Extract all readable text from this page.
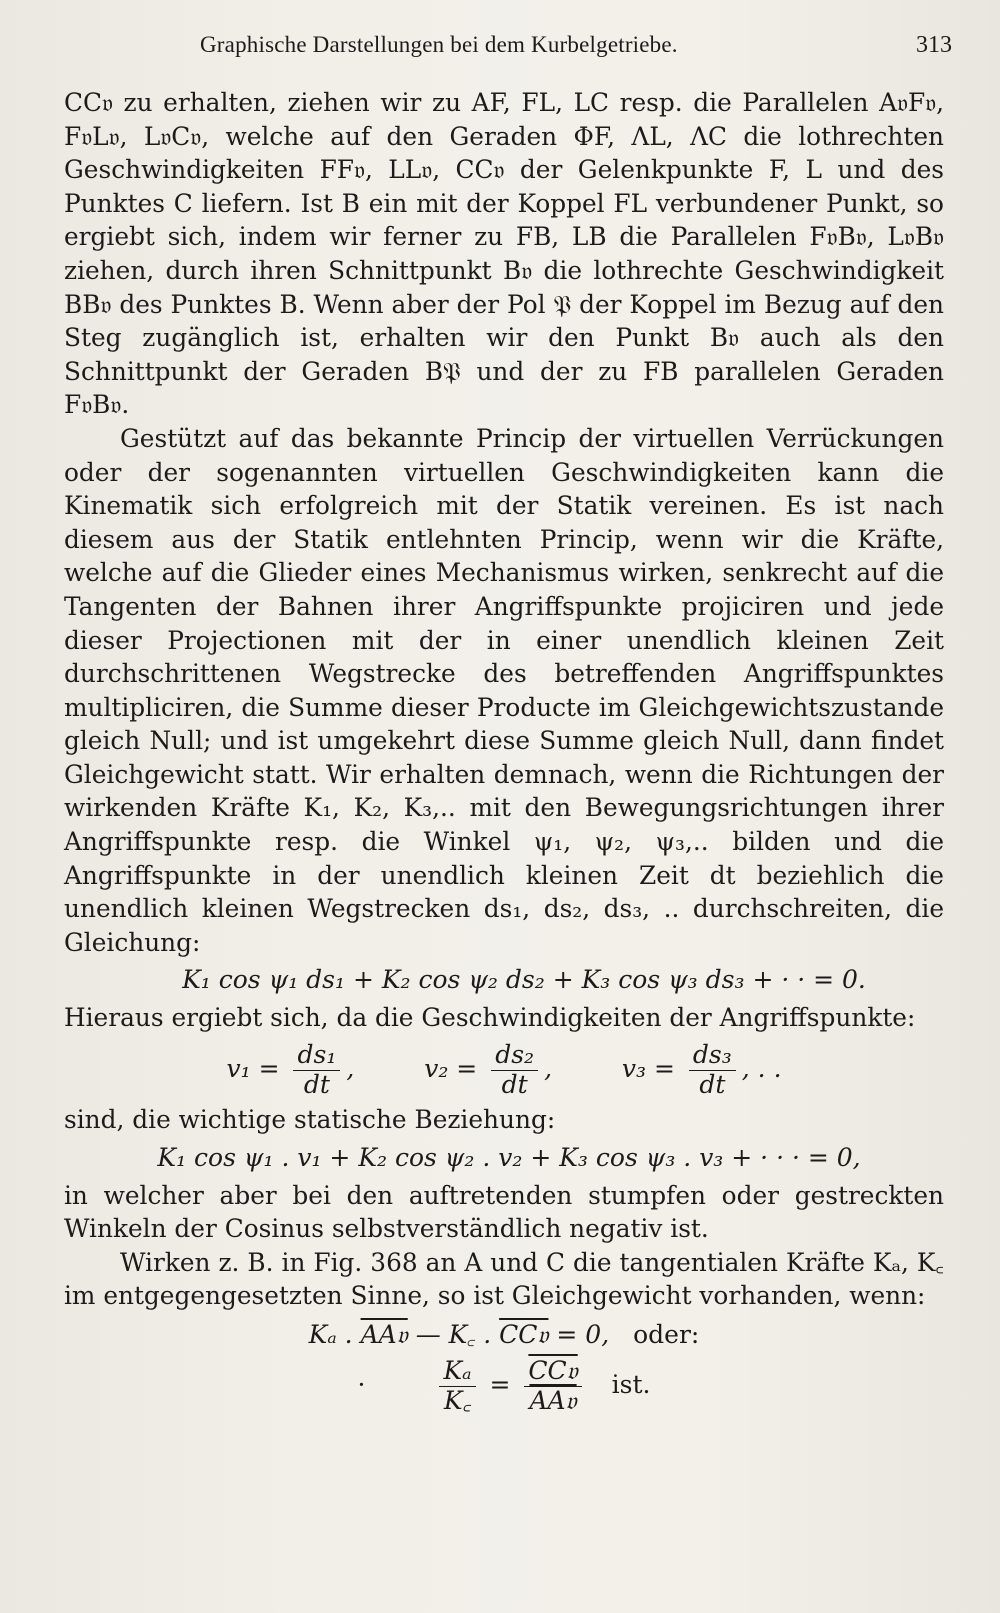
Graphische Darstellungen bei dem Kurbelgetriebe.	313

CC𝔳 zu erhalten, ziehen wir zu AF, FL, LC resp. die Parallelen A𝔳F𝔳, F𝔳L𝔳, L𝔳C𝔳, welche auf den Geraden ΦF, ΛL, ΛC die lothrechten Geschwindigkeiten FF𝔳, LL𝔳, CC𝔳 der Gelenkpunkte F, L und des Punktes C liefern. Ist B ein mit der Koppel FL verbundener Punkt, so ergiebt sich, indem wir ferner zu FB, LB die Parallelen F𝔳B𝔳, L𝔳B𝔳 ziehen, durch ihren Schnittpunkt B𝔳 die lothrechte Geschwindigkeit BB𝔳 des Punktes B. Wenn aber der Pol 𝔓 der Koppel im Bezug auf den Steg zugänglich ist, erhalten wir den Punkt B𝔳 auch als den Schnittpunkt der Geraden B𝔓 und der zu FB parallelen Geraden F𝔳B𝔳.

Gestützt auf das bekannte Princip der virtuellen Verrückungen oder der sogenannten virtuellen Geschwindigkeiten kann die Kinematik sich erfolgreich mit der Statik vereinen. Es ist nach diesem aus der Statik entlehnten Princip, wenn wir die Kräfte, welche auf die Glieder eines Mechanismus wirken, senkrecht auf die Tangenten der Bahnen ihrer Angriffspunkte projiciren und jede dieser Projectionen mit der in einer unendlich kleinen Zeit durchschrittenen Wegstrecke des betreffenden Angriffspunktes multipliciren, die Summe dieser Producte im Gleichgewichtszustande gleich Null; und ist umgekehrt diese Summe gleich Null, dann findet Gleichgewicht statt. Wir erhalten demnach, wenn die Richtungen der wirkenden Kräfte K₁, K₂, K₃,.. mit den Bewegungsrichtungen ihrer Angriffspunkte resp. die Winkel ψ₁, ψ₂, ψ₃,.. bilden und die Angriffspunkte in der unendlich kleinen Zeit dt beziehlich die unendlich kleinen Wegstrecken ds₁, ds₂, ds₃, .. durchschreiten, die Gleichung:

K₁ cos ψ₁ ds₁ + K₂ cos ψ₂ ds₂ + K₃ cos ψ₃ ds₃ + · · = 0.

Hieraus ergiebt sich, da die Geschwindigkeiten der Angriffspunkte:

$v_1 = \frac{\text{ds₁}}{dt}$ ,	$v_2 = \frac{\text{ds₂}}{dt}$ ,	$v_3 = \frac{\text{ds₃}}{dt}$ , . .

sind, die wichtige statische Beziehung:

K₁ cos ψ₁ . v₁ + K₂ cos ψ₂ . v₂ + K₃ cos ψ₃ . v₃ + · · · = 0,

in welcher aber bei den auftretenden stumpfen oder gestreckten Winkeln der Cosinus selbstverständlich negativ ist.

Wirken z. B. in Fig. 368 an A und C die tangentialen Kräfte Kₐ, K꜀ im entgegengesetzten Sinne, so ist Gleichgewicht vorhanden, wenn:

Kₐ . AA𝔳 — K꜀ . CC𝔳 = 0, oder:
·	$\frac{\text{Kₐ}}{K꜀} = \frac{\text{CC𝔳}}{\text{AA𝔳}}$ ist.
